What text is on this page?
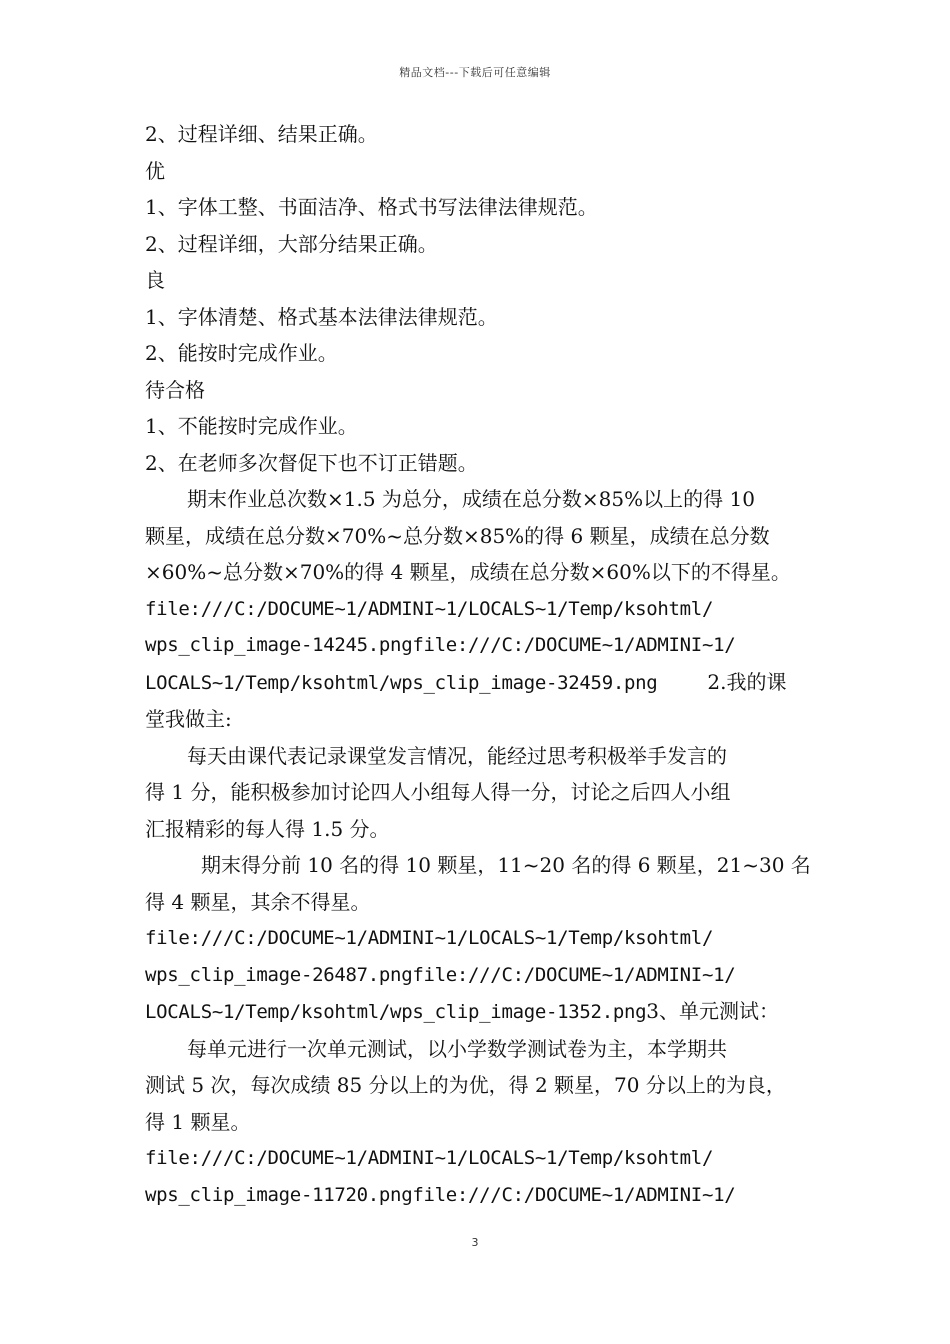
精品文档---下载后可任意编辑

2、过程详细、结果正确。

优

1、字体工整、书面洁净、格式书写法律法律规范。

2、过程详细，大部分结果正确。

良

1、字体清楚、格式基本法律法律规范。

2、能按时完成作业。

待合格

1、不能按时完成作业。

2、在老师多次督促下也不订正错题。

期末作业总次数×1.5 为总分，成绩在总分数×85%以上的得 10

颗星，成绩在总分数×70%~总分数×85%的得 6 颗星，成绩在总分数

×60%~总分数×70%的得 4 颗星，成绩在总分数×60%以下的不得星。

file:///C:/DOCUME~1/ADMINI~1/LOCALS~1/Temp/ksohtml/

wps_clip_image-14245.pngfile:///C:/DOCUME~1/ADMINI~1/

LOCALS~1/Temp/ksohtml/wps_clip_image-32459.png	2.我的课

堂我做主:

每天由课代表记录课堂发言情况，能经过思考积极举手发言的

得 1 分，能积极参加讨论四人小组每人得一分，讨论之后四人小组

汇报精彩的每人得 1.5 分。

期末得分前 10 名的得 10 颗星，11~20 名的得 6 颗星，21~30 名

得 4 颗星，其余不得星。

file:///C:/DOCUME~1/ADMINI~1/LOCALS~1/Temp/ksohtml/

wps_clip_image-26487.pngfile:///C:/DOCUME~1/ADMINI~1/

LOCALS~1/Temp/ksohtml/wps_clip_image-1352.png3、单元测试：

每单元进行一次单元测试，以小学数学测试卷为主，本学期共

测试 5 次，每次成绩 85 分以上的为优，得 2 颗星，70 分以上的为良，

得 1 颗星。

file:///C:/DOCUME~1/ADMINI~1/LOCALS~1/Temp/ksohtml/

wps_clip_image-11720.pngfile:///C:/DOCUME~1/ADMINI~1/

3
